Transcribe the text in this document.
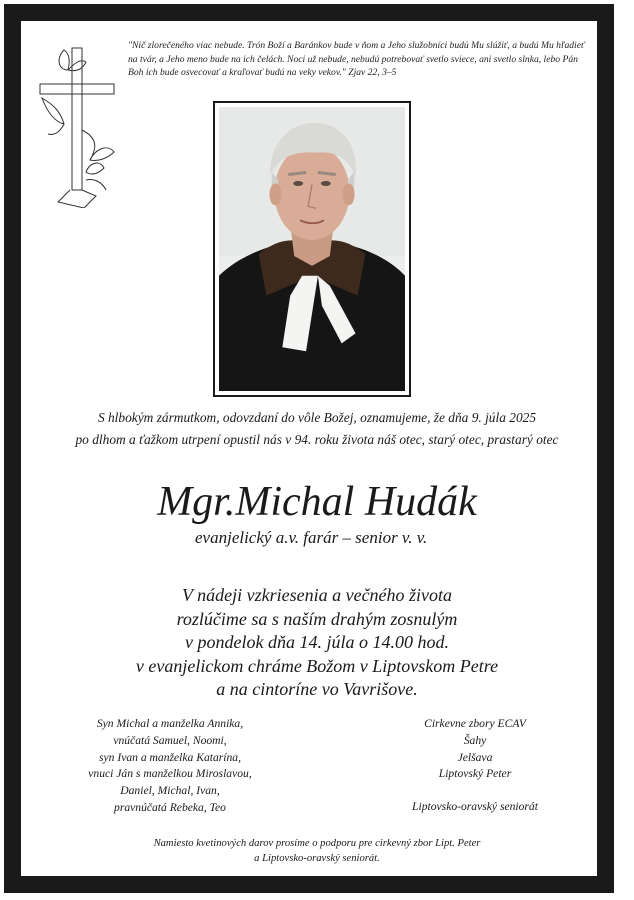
"Nič zlorečeného viac nebude. Trón Boží a Baránkov bude v ňom a Jeho služobníci budú Mu slúžiť, a budú Mu hľadieť na tvár, a Jeho meno bude na ich čelách. Noci už nebude, nebudú potrebovať svetlo sviece, ani svetlo slnka, lebo Pán Boh ich bude osvecovať a kraľovať budú na veky vekov." Zjav 22, 3–5
S hlbokým zármutkom, odovzdaní do vôle Božej, oznamujeme, že dňa 9. júla 2025
po dlhom a ťažkom utrpení opustil nás v 94. roku života náš otec, starý otec, prastarý otec
Mgr.Michal Hudák
evanjelický a.v. farár – senior v. v.
V nádeji vzkriesenia a večného života
rozlúčime sa s naším drahým zosnulým
v pondelok dňa 14. júla o 14.00 hod.
v evanjelickom chráme Božom v Liptovskom Petre
a na cintoríne vo Vavrišove.
Syn Michal a manželka Annika,
vnúčatá Samuel, Noomi,
syn Ivan a manželka Katarína,
vnuci Ján s manželkou Miroslavou,
Daniel, Michal, Ivan,
pravnúčatá Rebeka, Teo
Cirkevne zbory ECAV
Šahy
Jelšava
Liptovský Peter
Liptovsko-oravský seniorát
Namiesto kvetinových darov prosíme o podporu pre cirkevný zbor Lipt. Peter
a Liptovsko-oravský seniorát.
